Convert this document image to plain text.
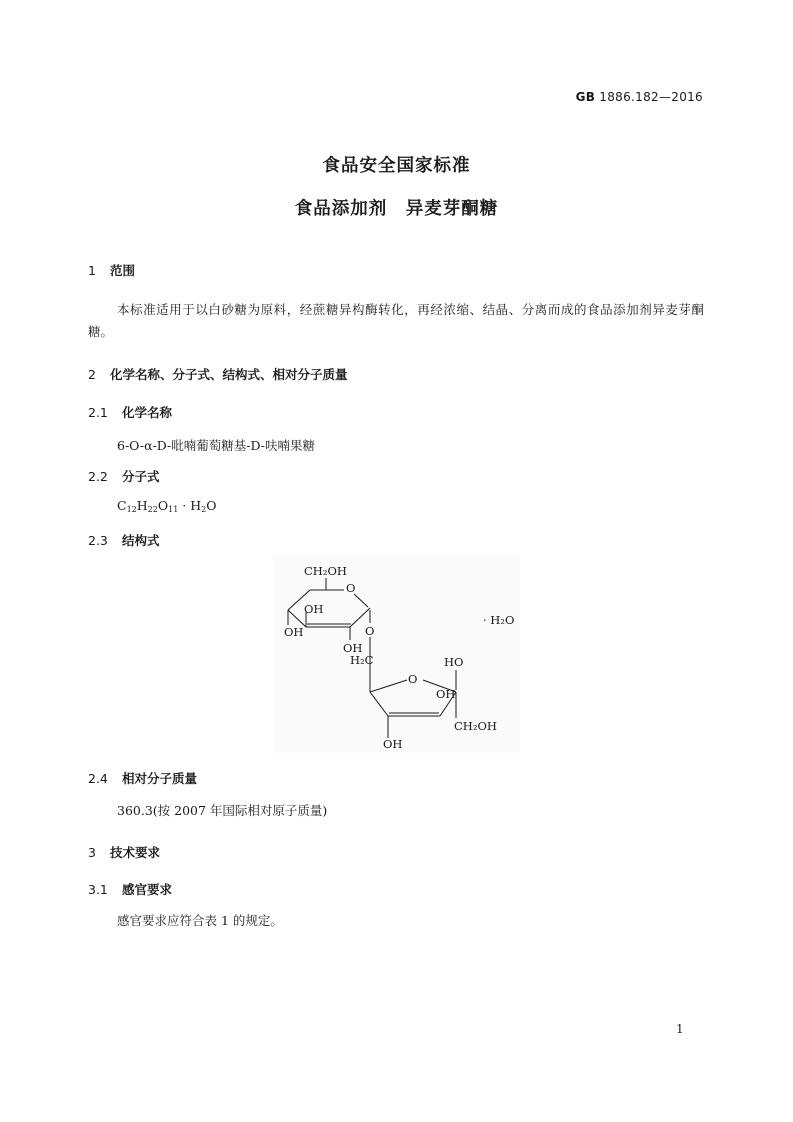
GB 1886.182—2016
食品安全国家标准
食品添加剂　异麦芽酮糖
1 范围
本标准适用于以白砂糖为原料，经蔗糖异构酶转化，再经浓缩、结晶、分离而成的食品添加剂异麦芽酮糖。
2 化学名称、分子式、结构式、相对分子质量
2.1 化学名称
6-O-α-D-吡喃葡萄糖基-D-呋喃果糖
2.2 分子式
$C_{12}H_{22}O_{11} \cdot H_2O$
2.3 结构式
CH₂OH
O
OH
OH	O
OH
H₂C
O
HO
OH
CH₂OH
OH
· H₂O
2.4 相对分子质量
360.3(按 2007 年国际相对原子质量)
3 技术要求
3.1 感官要求
感官要求应符合表 1 的规定。
1
